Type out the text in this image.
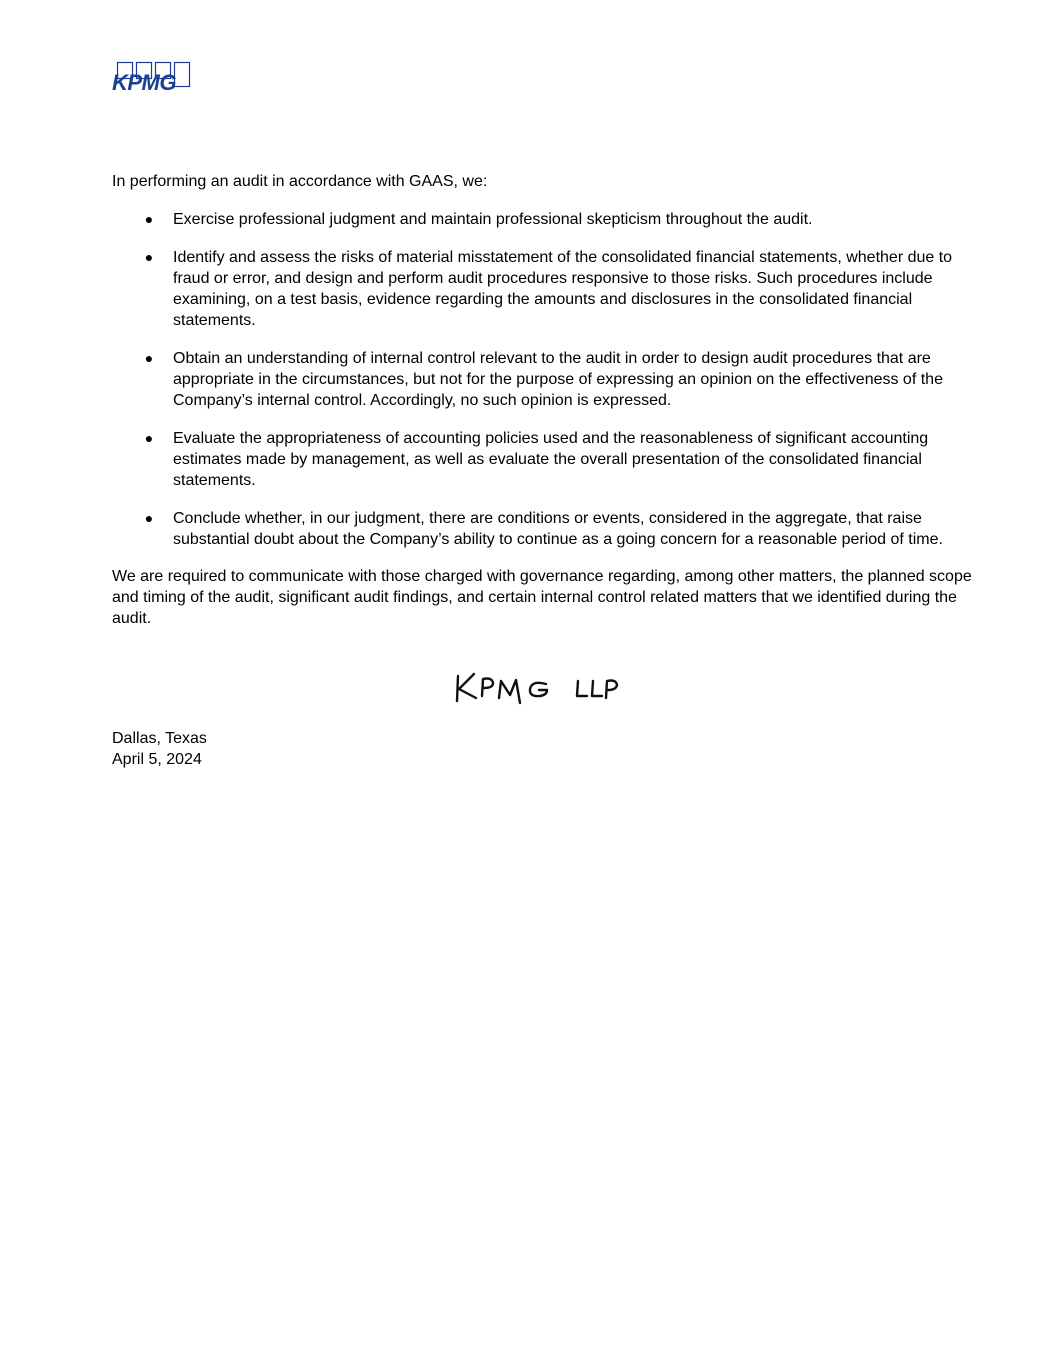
KPMG

In performing an audit in accordance with GAAS, we:

● Exercise professional judgment and maintain professional skepticism throughout the audit.
● Identify and assess the risks of material misstatement of the consolidated financial statements, whether due to fraud or error, and design and perform audit procedures responsive to those risks. Such procedures include examining, on a test basis, evidence regarding the amounts and disclosures in the consolidated financial statements.
● Obtain an understanding of internal control relevant to the audit in order to design audit procedures that are appropriate in the circumstances, but not for the purpose of expressing an opinion on the effectiveness of the Company’s internal control. Accordingly, no such opinion is expressed.
● Evaluate the appropriateness of accounting policies used and the reasonableness of significant accounting estimates made by management, as well as evaluate the overall presentation of the consolidated financial statements.
● Conclude whether, in our judgment, there are conditions or events, considered in the aggregate, that raise substantial doubt about the Company’s ability to continue as a going concern for a reasonable period of time.

We are required to communicate with those charged with governance regarding, among other matters, the planned scope and timing of the audit, significant audit findings, and certain internal control related matters that we identified during the audit.

Dallas, Texas
April 5, 2024
